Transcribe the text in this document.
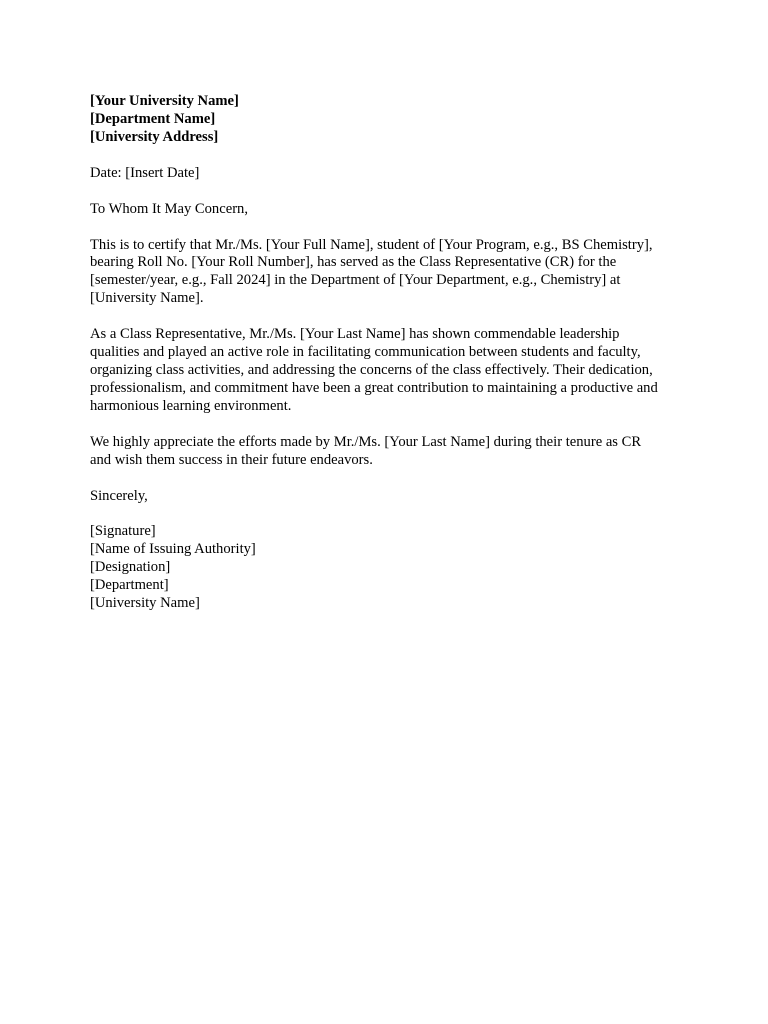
[Your University Name]
[Department Name]
[University Address]

Date: [Insert Date]

To Whom It May Concern,

This is to certify that Mr./Ms. [Your Full Name], student of [Your Program, e.g., BS Chemistry],
bearing Roll No. [Your Roll Number], has served as the Class Representative (CR) for the
[semester/year, e.g., Fall 2024] in the Department of [Your Department, e.g., Chemistry] at
[University Name].
As a Class Representative, Mr./Ms. [Your Last Name] has shown commendable leadership
qualities and played an active role in facilitating communication between students and faculty,
organizing class activities, and addressing the concerns of the class effectively. Their dedication,
professionalism, and commitment have been a great contribution to maintaining a productive and
harmonious learning environment.
We highly appreciate the efforts made by Mr./Ms. [Your Last Name] during their tenure as CR
and wish them success in their future endeavors.

Sincerely,

[Signature]
[Name of Issuing Authority]
[Designation]
[Department]
[University Name]
